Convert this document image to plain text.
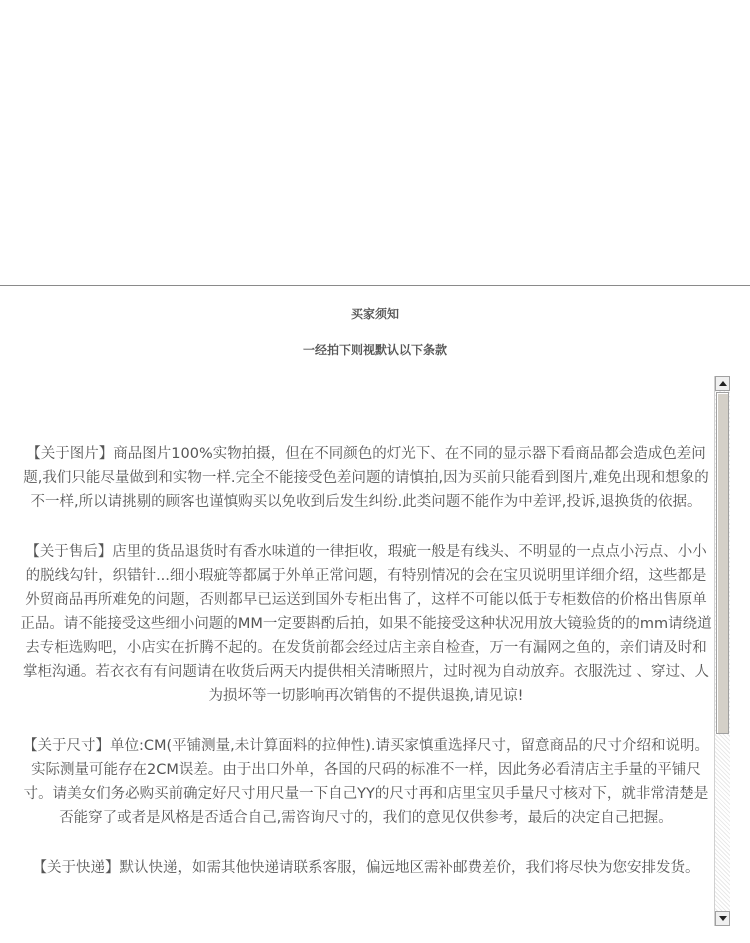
买家须知
一经拍下则视默认以下条款

【关于图片】商品图片100%实物拍摄，但在不同颜色的灯光下、在不同的显示器下看商品都会造成色差问题,我们只能尽量做到和实物一样.完全不能接受色差问题的请慎拍,因为买前只能看到图片,难免出现和想象的不一样,所以请挑剔的顾客也谨慎购买以免收到后发生纠纷.此类问题不能作为中差评,投诉,退换货的依据。

【关于售后】店里的货品退货时有香水味道的一律拒收，瑕疵一般是有线头、不明显的一点点小污点、小小的脱线勾针，织错针...细小瑕疵等都属于外单正常问题，有特别情况的会在宝贝说明里详细介绍，这些都是外贸商品再所难免的问题，否则都早已运送到国外专柜出售了，这样不可能以低于专柜数倍的价格出售原单正品。请不能接受这些细小问题的MM一定要斟酌后拍，如果不能接受这种状况用放大镜验货的的mm请绕道去专柜选购吧，小店实在折腾不起的。在发货前都会经过店主亲自检查，万一有漏网之鱼的，亲们请及时和掌柜沟通。若衣衣有有问题请在收货后两天内提供相关清晰照片，过时视为自动放弃。衣服洗过 、穿过、人为损坏等一切影响再次销售的不提供退换,请见谅!

【关于尺寸】单位:CM(平铺测量,未计算面料的拉伸性).请买家慎重选择尺寸，留意商品的尺寸介绍和说明。实际测量可能存在2CM误差。由于出口外单，各国的尺码的标准不一样，因此务必看清店主手量的平铺尺寸。请美女们务必购买前确定好尺寸用尺量一下自己YY的尺寸再和店里宝贝手量尺寸核对下，就非常清楚是否能穿了或者是风格是否适合自己,需咨询尺寸的，我们的意见仅供参考，最后的决定自己把握。

【关于快递】默认快递，如需其他快递请联系客服，偏远地区需补邮费差价，我们将尽快为您安排发货。
